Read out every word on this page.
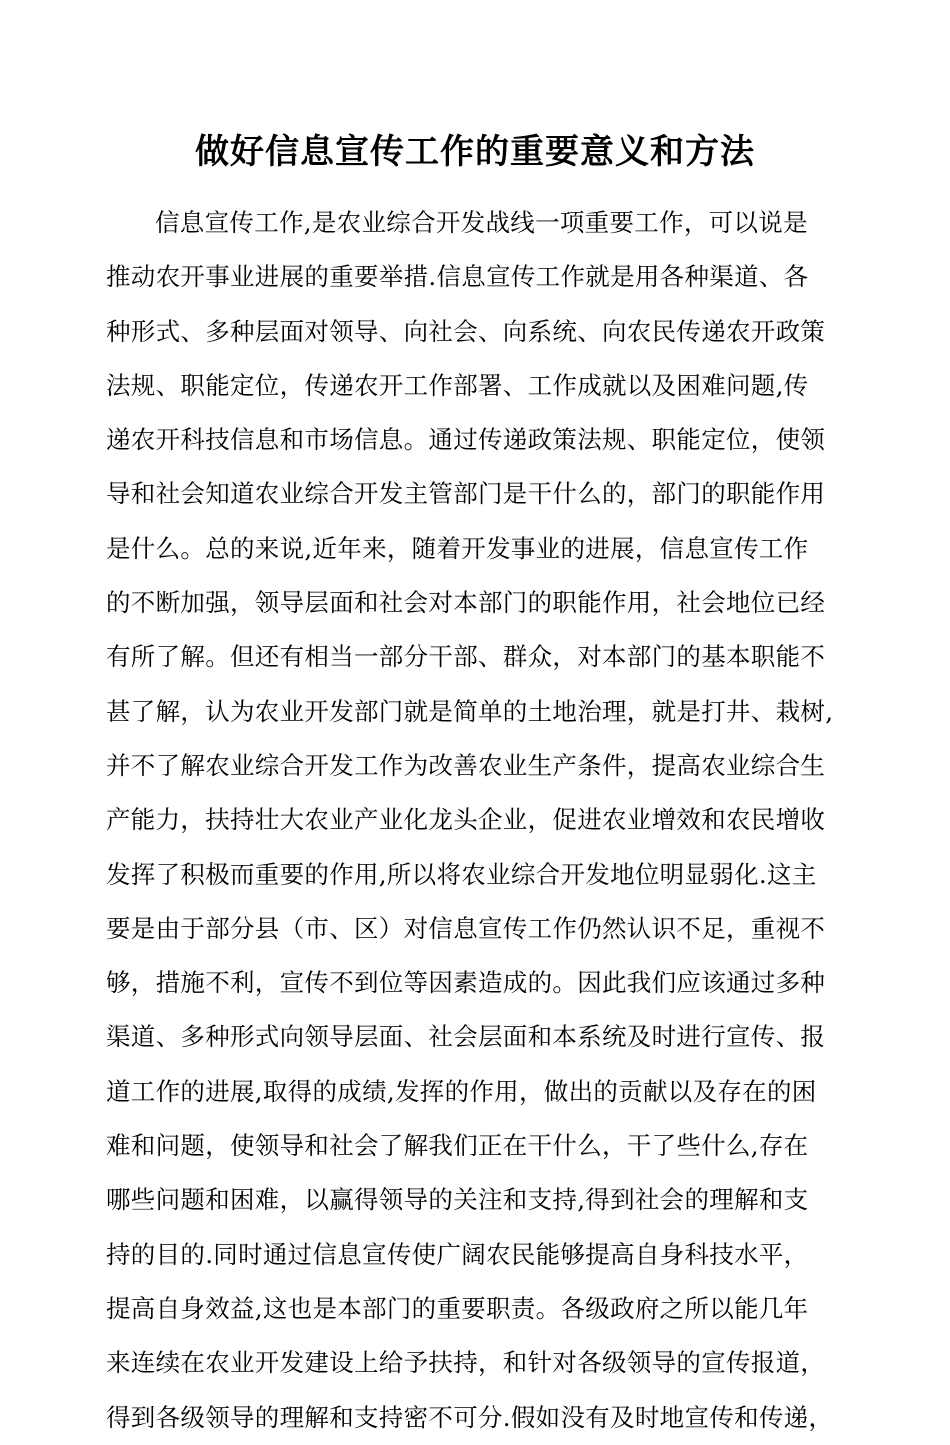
做好信息宣传工作的重要意义和方法
信息宣传工作,是农业综合开发战线一项重要工作，可以说是
推动农开事业进展的重要举措.信息宣传工作就是用各种渠道、各
种形式、多种层面对领导、向社会、向系统、向农民传递农开政策
法规、职能定位，传递农开工作部署、工作成就以及困难问题,传
递农开科技信息和市场信息。通过传递政策法规、职能定位，使领
导和社会知道农业综合开发主管部门是干什么的，部门的职能作用
是什么。总的来说,近年来，随着开发事业的进展，信息宣传工作
的不断加强，领导层面和社会对本部门的职能作用，社会地位已经
有所了解。但还有相当一部分干部、群众，对本部门的基本职能不
甚了解，认为农业开发部门就是简单的土地治理，就是打井、栽树,
并不了解农业综合开发工作为改善农业生产条件，提高农业综合生
产能力，扶持壮大农业产业化龙头企业，促进农业增效和农民增收
发挥了积极而重要的作用,所以将农业综合开发地位明显弱化.这主
要是由于部分县（市、区）对信息宣传工作仍然认识不足，重视不
够，措施不利，宣传不到位等因素造成的。因此我们应该通过多种
渠道、多种形式向领导层面、社会层面和本系统及时进行宣传、报
道工作的进展,取得的成绩,发挥的作用，做出的贡献以及存在的困
难和问题，使领导和社会了解我们正在干什么，干了些什么,存在
哪些问题和困难，以赢得领导的关注和支持,得到社会的理解和支
持的目的.同时通过信息宣传使广阔农民能够提高自身科技水平，
提高自身效益,这也是本部门的重要职责。各级政府之所以能几年
来连续在农业开发建设上给予扶持，和针对各级领导的宣传报道，
得到各级领导的理解和支持密不可分.假如没有及时地宣传和传递，
